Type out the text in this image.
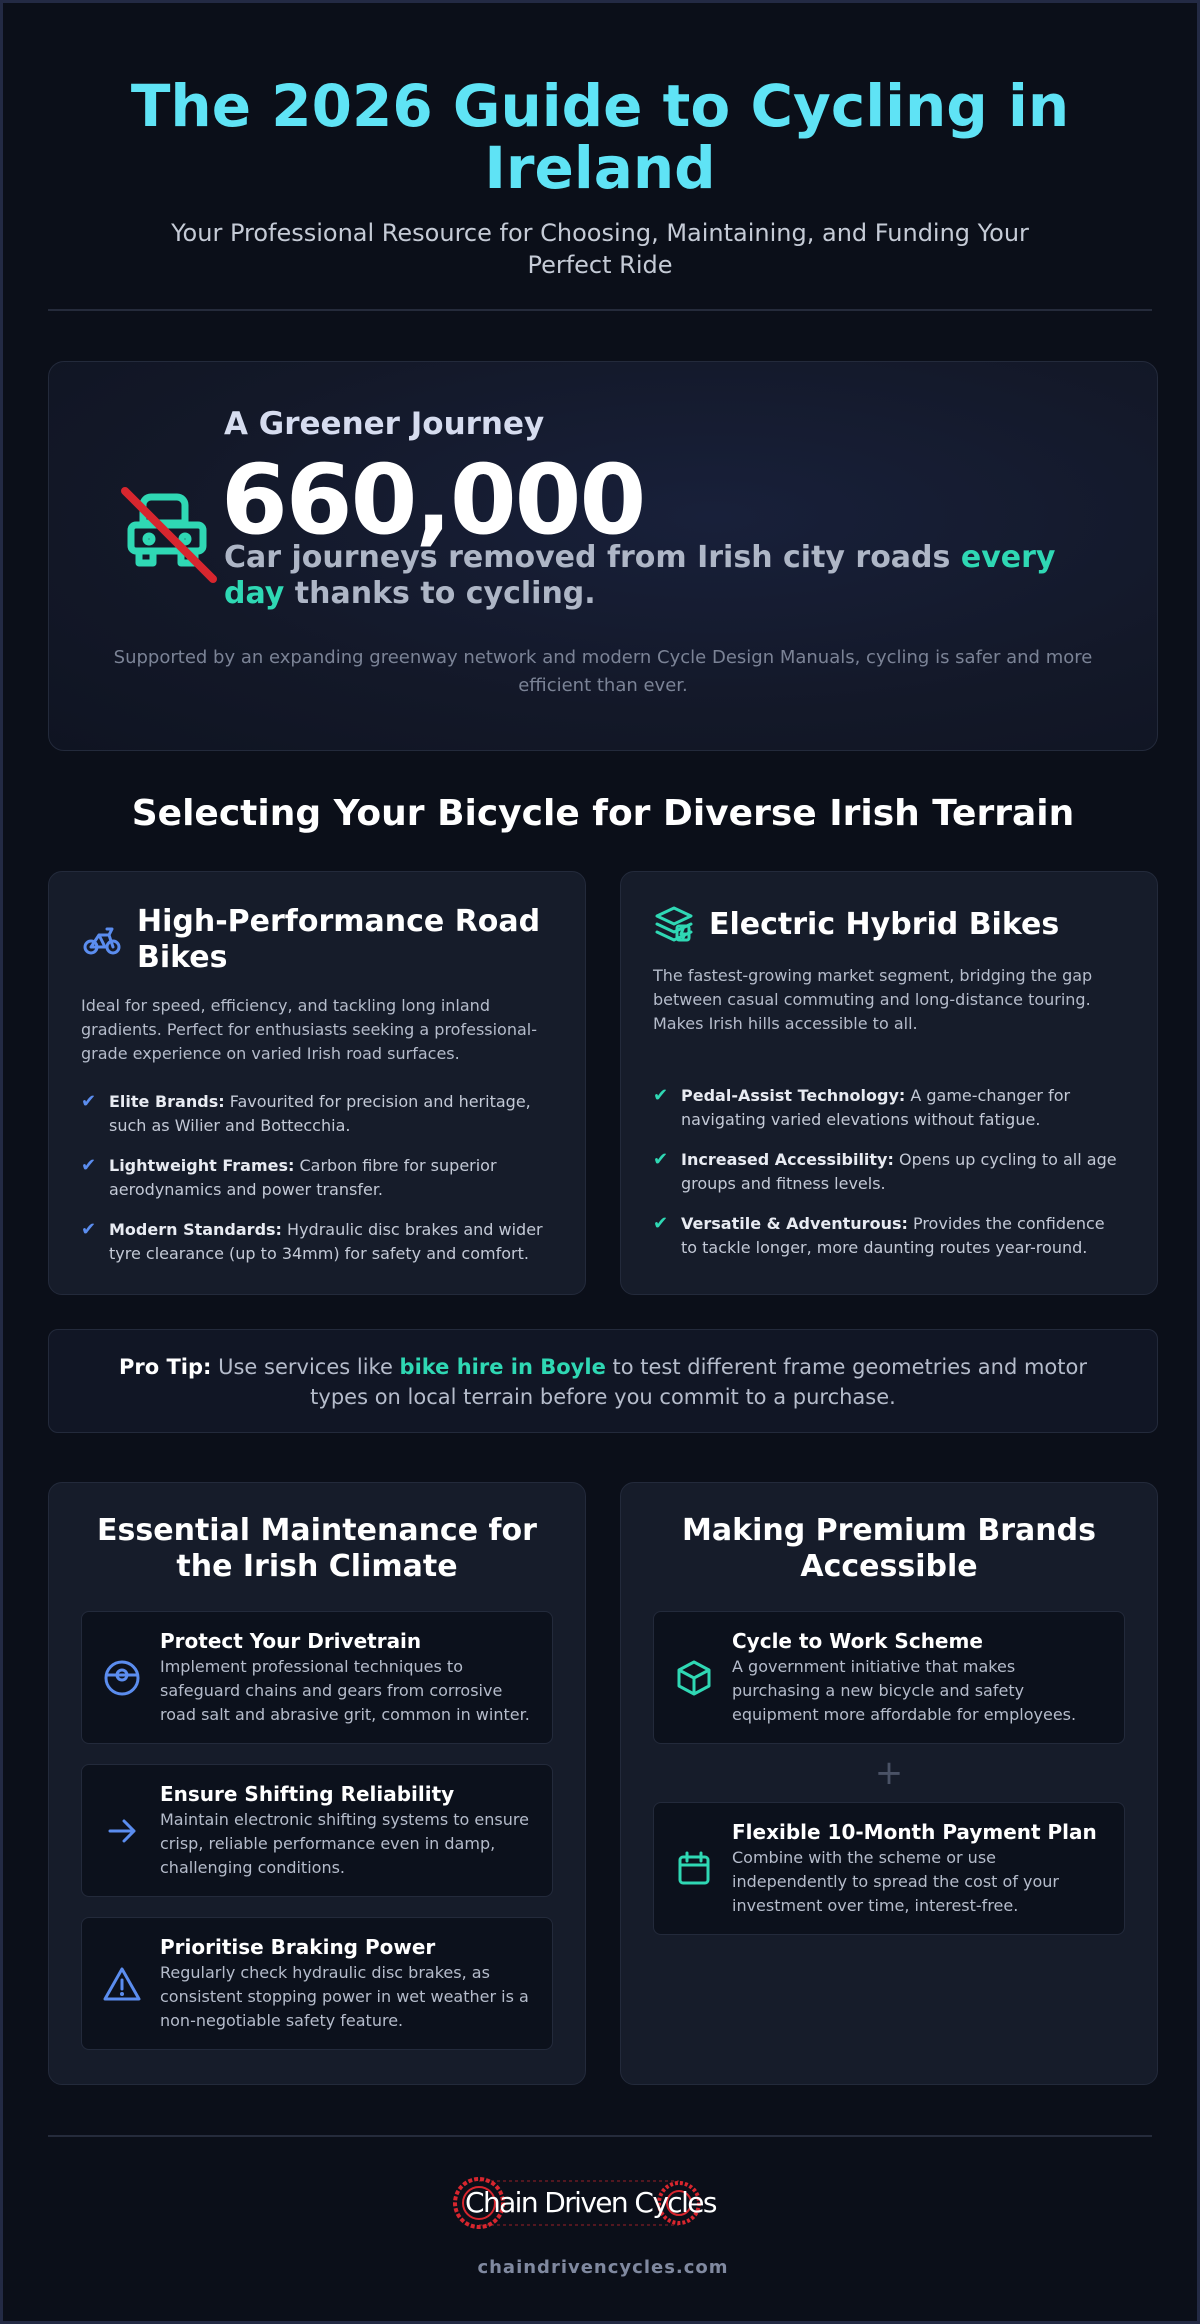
The 2026 Guide to Cycling in Ireland

Your Professional Resource for Choosing, Maintaining, and Funding Your Perfect Ride

A Greener Journey
660,000
Car journeys removed from Irish city roads every day thanks to cycling.

Supported by an expanding greenway network and modern Cycle Design Manuals, cycling is safer and more efficient than ever.

Selecting Your Bicycle for Diverse Irish Terrain
High-Performance Road Bikes

Ideal for speed, efficiency, and tackling long inland gradients. Perfect for enthusiasts seeking a professional-grade experience on varied Irish road surfaces.

✔ Elite Brands: Favourited for precision and heritage, such as Wilier and Bottecchia.
✔ Lightweight Frames: Carbon fibre for superior aerodynamics and power transfer.
✔ Modern Standards: Hydraulic disc brakes and wider tyre clearance (up to 34mm) for safety and comfort.
Electric Hybrid Bikes

The fastest-growing market segment, bridging the gap between casual commuting and long-distance touring. Makes Irish hills accessible to all.

✔ Pedal-Assist Technology: A game-changer for navigating varied elevations without fatigue.
✔ Increased Accessibility: Opens up cycling to all age groups and fitness levels.
✔ Versatile & Adventurous: Provides the confidence to tackle longer, more daunting routes year-round.
Pro Tip: Use services like bike hire in Boyle to test different frame geometries and motor types on local terrain before you commit to a purchase.
Essential Maintenance for the Irish Climate
Protect Your Drivetrain

Implement professional techniques to safeguard chains and gears from corrosive road salt and abrasive grit, common in winter.

Ensure Shifting Reliability

Maintain electronic shifting systems to ensure crisp, reliable performance even in damp, challenging conditions.

Prioritise Braking Power

Regularly check hydraulic disc brakes, as consistent stopping power in wet weather is a non-negotiable safety feature.

Making Premium Brands Accessible
Cycle to Work Scheme

A government initiative that makes purchasing a new bicycle and safety equipment more affordable for employees.

+
Flexible 10-Month Payment Plan

Combine with the scheme or use independently to spread the cost of your investment over time, interest-free.

Chain Driven Cycles
chaindrivencycles.com
